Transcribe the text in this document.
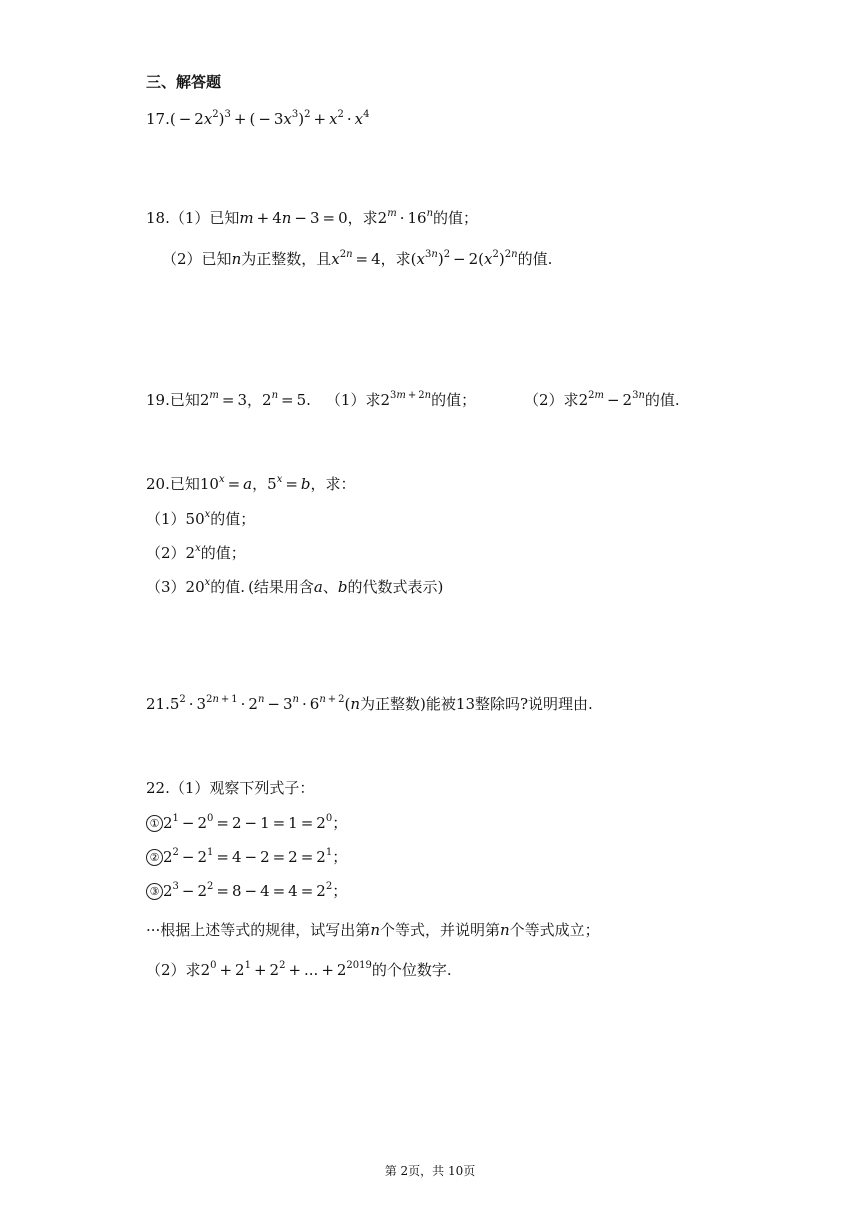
三、解答题
$17.( - 2x^2)^3$ + ( − $3x^3)^2 + x^2 \cdot x^4$
18.（1）已知m + 4n − 3 = 0，求$2^m \cdot 16^n$的值；
（2）已知n为正整数，且$x^{2n} = 4$，求$(x^{3n})^2 - 2(x^2)^{2n}$的值.
19.已知$2^m = 3$，$2^n = 5$.  （1）求$2^{3m + 2n}$的值；	（2）求$2^{2m} - 2^{3n}$的值.
20.已知$10^x = a$，$5^x = b$，求：
（1）50$^x$的值；
（2）2$^x$的值；
（3）20$^x$的值.  (结果用含a、b的代数式表示)
$21.5^2 \cdot 3^{2n + 1} \cdot 2^n - 3^n \cdot 6^{n + 2}(n$为正整数)能被13整除吗?说明理由.
22.（1）观察下列式子：
① $2^1 - 2^0 = 2 - 1 = 1 = 2^0$；
② $2^2 - 2^1 = 4 - 2 = 2 = 2^1$；
③ $2^3 - 2^2 = 8 - 4 = 4 = 2^2$；
···根据上述等式的规律，试写出第n个等式，并说明第n个等式成立；
（2）求$2^0 + 2^1 + 2^2$ + ... + $2^{2019}$的个位数字.
第 2页，共 10页
